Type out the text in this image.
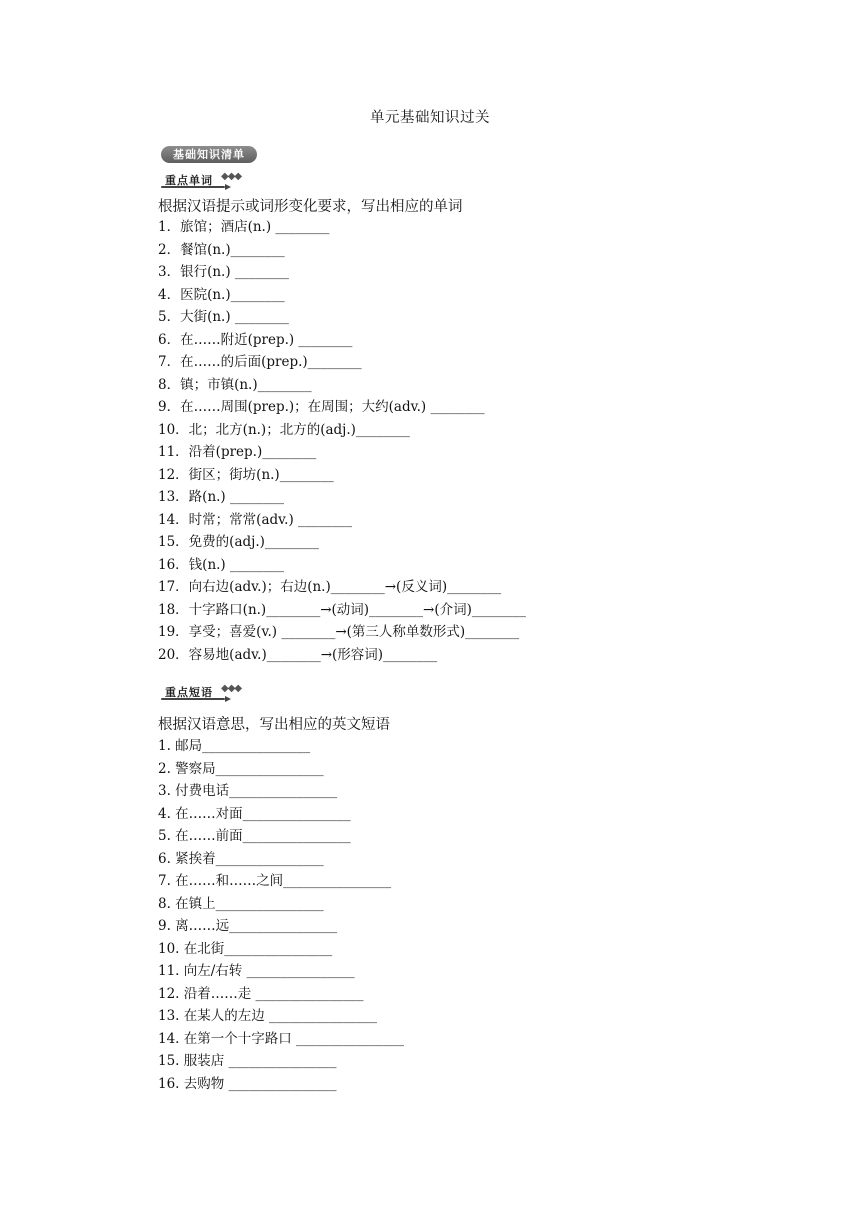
单元基础知识过关
基础知识清单
重点单词 ◆◆◆
根据汉语提示或词形变化要求，写出相应的单词
1．旅馆；酒店(n.) ________
2．餐馆(n.)________
3．银行(n.) ________
4．医院(n.)________
5．大街(n.) ________
6．在……附近(prep.) ________
7．在……的后面(prep.)________
8．镇；市镇(n.)________
9．在……周围(prep.)；在周围；大约(adv.) ________
10．北；北方(n.)；北方的(adj.)________
11．沿着(prep.)________
12．街区；街坊(n.)________
13．路(n.) ________
14．时常；常常(adv.) ________
15．免费的(adj.)________
16．钱(n.) ________
17．向右边(adv.)；右边(n.)________→(反义词)________
18．十字路口(n.)________→(动词)________→(介词)________
19．享受；喜爱(v.) ________→(第三人称单数形式)________
20．容易地(adv.)________→(形容词)________
重点短语 ◆◆◆
根据汉语意思，写出相应的英文短语
1. 邮局________________
2. 警察局________________
3. 付费电话________________
4. 在……对面________________
5. 在……前面________________
6. 紧挨着________________
7. 在……和……之间________________
8. 在镇上________________
9. 离……远________________
10. 在北街________________
11. 向左/右转 ________________
12. 沿着……走 ________________
13. 在某人的左边 ________________
14. 在第一个十字路口 ________________
15. 服装店 ________________
16. 去购物 ________________
